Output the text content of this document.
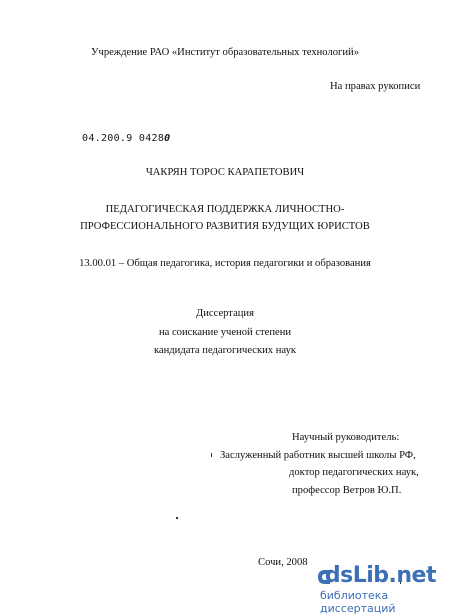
Учреждение РАО «Институт образовательных технологий»
На правах рукописи
04.200.9 04280
ЧАКРЯН ТОРОС КАРАПЕТОВИЧ
ПЕДАГОГИЧЕСКАЯ ПОДДЕРЖКА ЛИЧНОСТНО-
ПРОФЕССИОНАЛЬНОГО РАЗВИТИЯ БУДУЩИХ ЮРИСТОВ
13.00.01 – Общая педагогика, история педагогики и образования
Диссертация
на соискание ученой степени
кандидата педагогических наук
Научный руководитель:
Заслуженный работник высшей школы РФ,
доктор педагогических наук,
профессор Ветров Ю.П.
Сочи, 2008
dsLib.net
библиотека диссертаций
